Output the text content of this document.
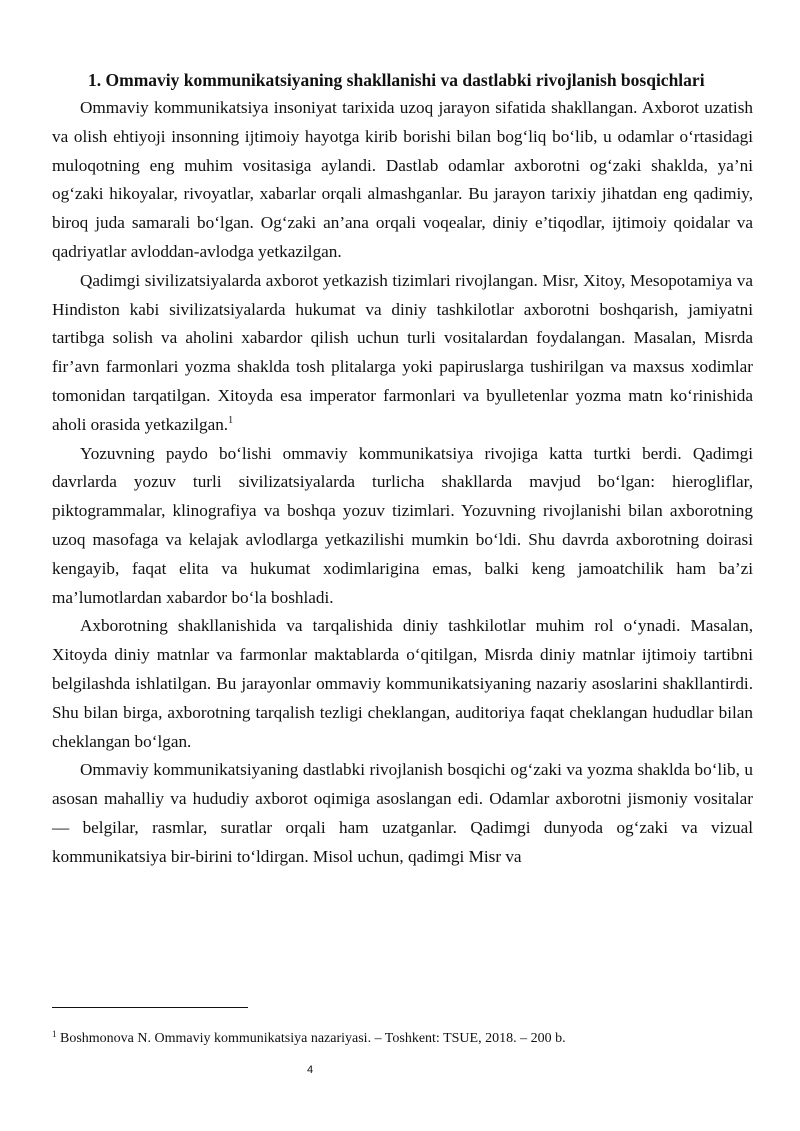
1. Ommaviy kommunikatsiyaning shakllanishi va dastlabki rivojlanish bosqichlari

Ommaviy kommunikatsiya insoniyat tarixida uzoq jarayon sifatida shakllangan. Axborot uzatish va olish ehtiyoji insonning ijtimoiy hayotga kirib borishi bilan bog‘liq bo‘lib, u odamlar o‘rtasidagi muloqotning eng muhim vositasiga aylandi. Dastlab odamlar axborotni og‘zaki shaklda, ya’ni og‘zaki hikoyalar, rivoyatlar, xabarlar orqali almashganlar. Bu jarayon tarixiy jihatdan eng qadimiy, biroq juda samarali bo‘lgan. Og‘zaki an’ana orqali voqealar, diniy e’tiqodlar, ijtimoiy qoidalar va qadriyatlar avloddan-avlodga yetkazilgan.

Qadimgi sivilizatsiyalarda axborot yetkazish tizimlari rivojlangan. Misr, Xitoy, Mesopotamiya va Hindiston kabi sivilizatsiyalarda hukumat va diniy tashkilotlar axborotni boshqarish, jamiyatni tartibga solish va aholini xabardor qilish uchun turli vositalardan foydalangan. Masalan, Misrda fir’avn farmonlari yozma shaklda tosh plitalarga yoki papiruslarga tushirilgan va maxsus xodimlar tomonidan tarqatilgan. Xitoyda esa imperator farmonlari va byulletenlar yozma matn ko‘rinishida aholi orasida yetkazilgan.$^1$

Yozuvning paydo bo‘lishi ommaviy kommunikatsiya rivojiga katta turtki berdi. Qadimgi davrlarda yozuv turli sivilizatsiyalarda turlicha shakllarda mavjud bo‘lgan: hierogliflar, piktogrammalar, klinografiya va boshqa yozuv tizimlari. Yozuvning rivojlanishi bilan axborotning uzoq masofaga va kelajak avlodlarga yetkazilishi mumkin bo‘ldi. Shu davrda axborotning doirasi kengayib, faqat elita va hukumat xodimlarigina emas, balki keng jamoatchilik ham ba’zi ma’lumotlardan xabardor bo‘la boshladi.

Axborotning shakllanishida va tarqalishida diniy tashkilotlar muhim rol o‘ynadi. Masalan, Xitoyda diniy matnlar va farmonlar maktablarda o‘qitilgan, Misrda diniy matnlar ijtimoiy tartibni belgilashda ishlatilgan. Bu jarayonlar ommaviy kommunikatsiyaning nazariy asoslarini shakllantirdi. Shu bilan birga, axborotning tarqalish tezligi cheklangan, auditoriya faqat cheklangan hududlar bilan cheklangan bo‘lgan.

Ommaviy kommunikatsiyaning dastlabki rivojlanish bosqichi og‘zaki va yozma shaklda bo‘lib, u asosan mahalliy va hududiy axborot oqimiga asoslangan edi. Odamlar axborotni jismoniy vositalar — belgilar, rasmlar, suratlar orqali ham uzatganlar. Qadimgi dunyoda og‘zaki va vizual kommunikatsiya bir-birini to‘ldirgan. Misol uchun, qadimgi Misr va

$^1$ Boshmonova N. Ommaviy kommunikatsiya nazariyasi. – Toshkent: TSUE, 2018. – 200 b.

4
